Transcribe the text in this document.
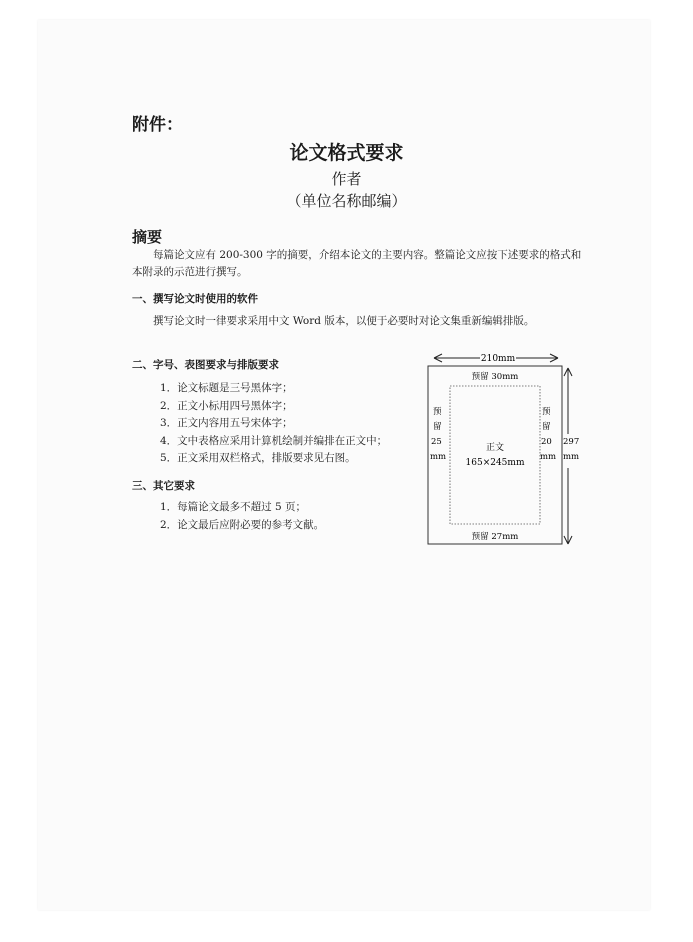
附件：
论文格式要求
作者
（单位名称邮编）
摘要
每篇论文应有 200-300 字的摘要，介绍本论文的主要内容。整篇论文应按下述要求的格式和本附录的示范进行撰写。
一、撰写论文时使用的软件
撰写论文时一律要求采用中文 Word 版本，以便于必要时对论文集重新编辑排版。
二、字号、表图要求与排版要求
1．论文标题是三号黑体字；
2．正文小标用四号黑体字；
3．正文内容用五号宋体字；
4．文中表格应采用计算机绘制并编排在正文中；
5．正文采用双栏格式，排版要求见右图。
三、其它要求
1．每篇论文最多不超过 5 页；
2．论文最后应附必要的参考文献。
210mm
预留 30mm
预留 27mm
预
留
25
mm
预
留
20
mm
297
mm
正文
165×245mm
